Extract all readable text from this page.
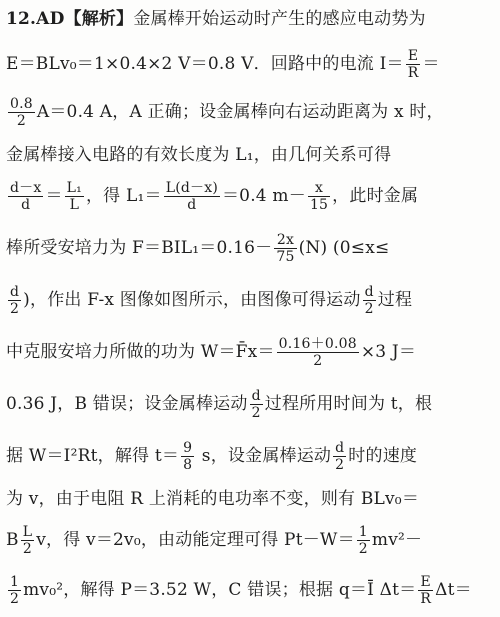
12.AD【解析】金属棒开始运动时产生的感应电动势为
E＝BLv₀＝1×0.4×2 V＝0.8 V．回路中的电流 $I= \frac{E}{R}$ ＝
$\frac{0.8}{2} A=0.4$ A，A 正确；设金属棒向右运动距离为 x 时，
金属棒接入电路的有效长度为 L₁，由几何关系可得
$\frac{d-x}{d} = \frac{\text{L₁}}{L}$ ，得 $L_1= \frac{L(d-x)}{d} =0.4$ $m- \frac{x}{15}$ ，此时金属
棒所受安培力为 $F=BIL_1=0.16- \frac{2x}{75} (N)$ (0≤x≤
$\frac{d}{2}$ )，作出 F-x 图像如图所示，由图像可得运动 $\frac{d}{2}$ 过程
中克服安培力所做的功为 W＝F̄x＝ $\frac{0.16+0.08}{2} \times 3$ J＝
0.36 J，B 错误；设金属棒运动 $\frac{d}{2}$ 过程所用时间为 t，根
据 W＝I²Rt，解得 $t= \frac{9}{8}$ s，设金属棒运动 $\frac{d}{2}$ 时的速度
为 v，由于电阻 R 上消耗的电功率不变，则有 BLv₀＝
B $\frac{L}{2}$ v，得 v＝2v₀，由动能定理可得 $Pt-W= \frac{1}{2} mv^2-$
$\frac{1}{2} mv_0^2$，解得 P＝3.52 W，C 错误；根据 q＝Ī $\Delta t= \frac{E̅}{R} \Delta t=$
